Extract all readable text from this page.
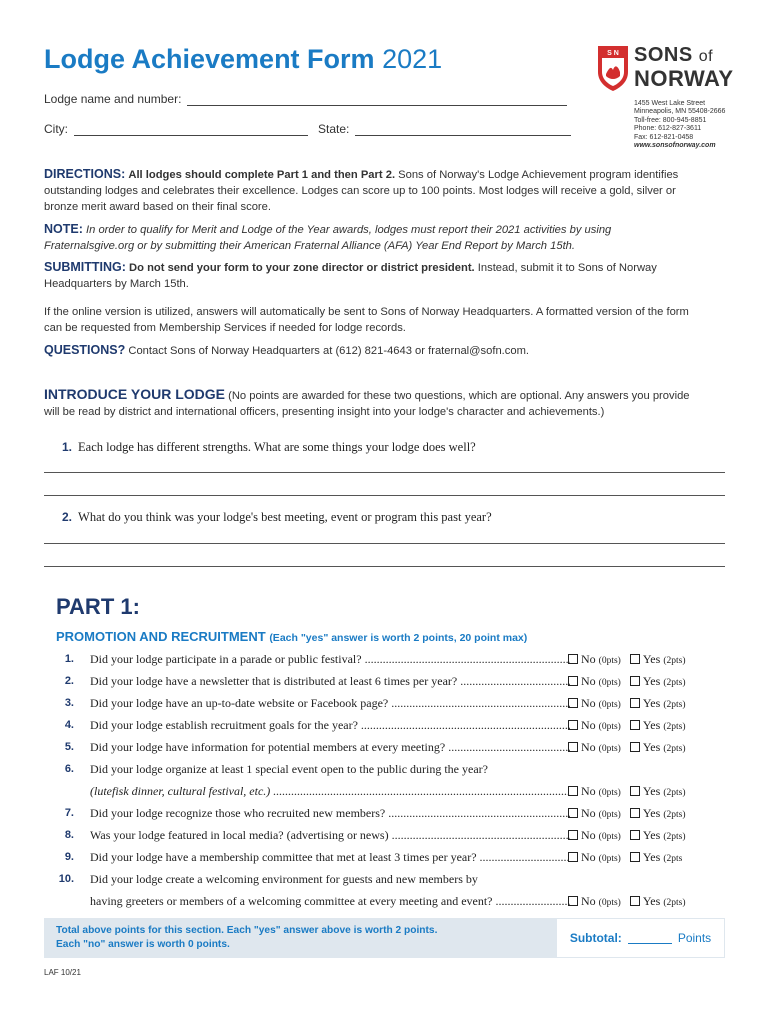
Lodge Achievement Form 2021
Lodge name and number:
City:	State:
S N SONS of
NORWAY
1455 West Lake Street
Minneapolis, MN 55408-2666
Toll-free: 800-945-8851
Phone: 612-827-3611
Fax: 612-821-0458
www.sonsofnorway.com
DIRECTIONS: All lodges should complete Part 1 and then Part 2. Sons of Norway's Lodge Achievement program identifies outstanding lodges and celebrates their excellence. Lodges can score up to 100 points. Most lodges will receive a gold, silver or bronze merit award based on their final score.
NOTE: In order to qualify for Merit and Lodge of the Year awards, lodges must report their 2021 activities by using Fraternalsgive.org or by submitting their American Fraternal Alliance (AFA) Year End Report by March 15th.
SUBMITTING: Do not send your form to your zone director or district president. Instead, submit it to Sons of Norway Headquarters by March 15th.
If the online version is utilized, answers will automatically be sent to Sons of Norway Headquarters. A formatted version of the form can be requested from Membership Services if needed for lodge records.
QUESTIONS? Contact Sons of Norway Headquarters at (612) 821-4643 or fraternal@sofn.com.
INTRODUCE YOUR LODGE (No points are awarded for these two questions, which are optional. Any answers you provide will be read by district and international officers, presenting insight into your lodge's character and achievements.)
1. Each lodge has different strengths. What are some things your lodge does well?
2. What do you think was your lodge's best meeting, event or program this past year?
PART 1:
PROMOTION AND RECRUITMENT (Each "yes" answer is worth 2 points, 20 point max)
1. Did your lodge participate in a parade or public festival? .....	No (0pts) Yes (2pts)
2. Did your lodge have a newsletter that is distributed at least 6 times per year? .....	No (0pts) Yes (2pts)
3. Did your lodge have an up-to-date website or Facebook page? .....	No (0pts) Yes (2pts)
4. Did your lodge establish recruitment goals for the year? .....	No (0pts) Yes (2pts)
5. Did your lodge have information for potential members at every meeting? .....	No (0pts) Yes (2pts)
6. Did your lodge organize at least 1 special event open to the public during the year?
(lutefisk dinner, cultural festival, etc.) .....	No (0pts) Yes (2pts)
7. Did your lodge recognize those who recruited new members? .....	No (0pts) Yes (2pts)
8. Was your lodge featured in local media? (advertising or news) .....	No (0pts) Yes (2pts)
9. Did your lodge have a membership committee that met at least 3 times per year? .....	No (0pts) Yes (2pts
10. Did your lodge create a welcoming environment for guests and new members by
having greeters or members of a welcoming committee at every meeting and event? .....	No (0pts) Yes (2pts)
Total above points for this section. Each "yes" answer above is worth 2 points.
Each "no" answer is worth 0 points.	Subtotal:	Points
LAF 10/21
